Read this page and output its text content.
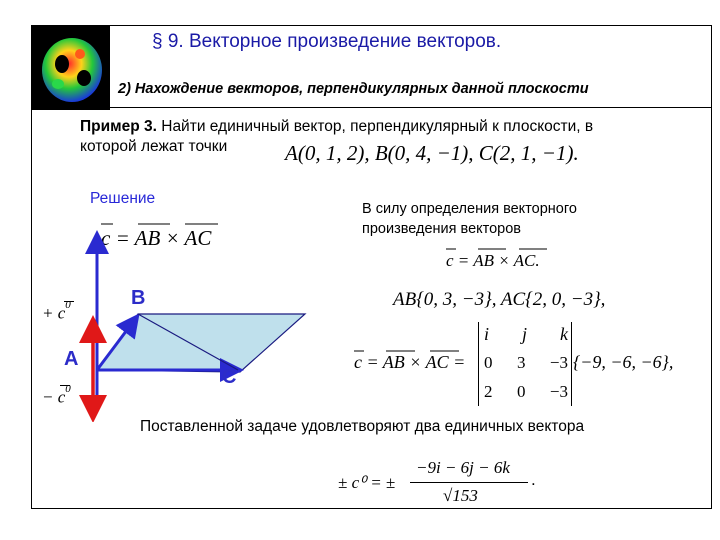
§ 9. Векторное произведение векторов.
2) Нахождение векторов, перпендикулярных данной плоскости
Пример 3. Найти единичный вектор, перпендикулярный к плоскости, в
которой лежат точки	A(0, 1, 2), B(0, 4, −1), C(2, 1, −1).
Решение
c = AB × AC
В силу определения векторного произведения векторов
c = AB × AC.
AB{0, 3, −3}, AC{2, 0, −3},
c = AB × AC =
i j k
0 3 −3
2 0 −3
{−9, −6, −6},
Поставленной задаче удовлетворяют два единичных вектора
± c⁰ = ±
−9i − 6j − 6k
√153
.
B
A
C
+ $c^0$
− $c^0$
